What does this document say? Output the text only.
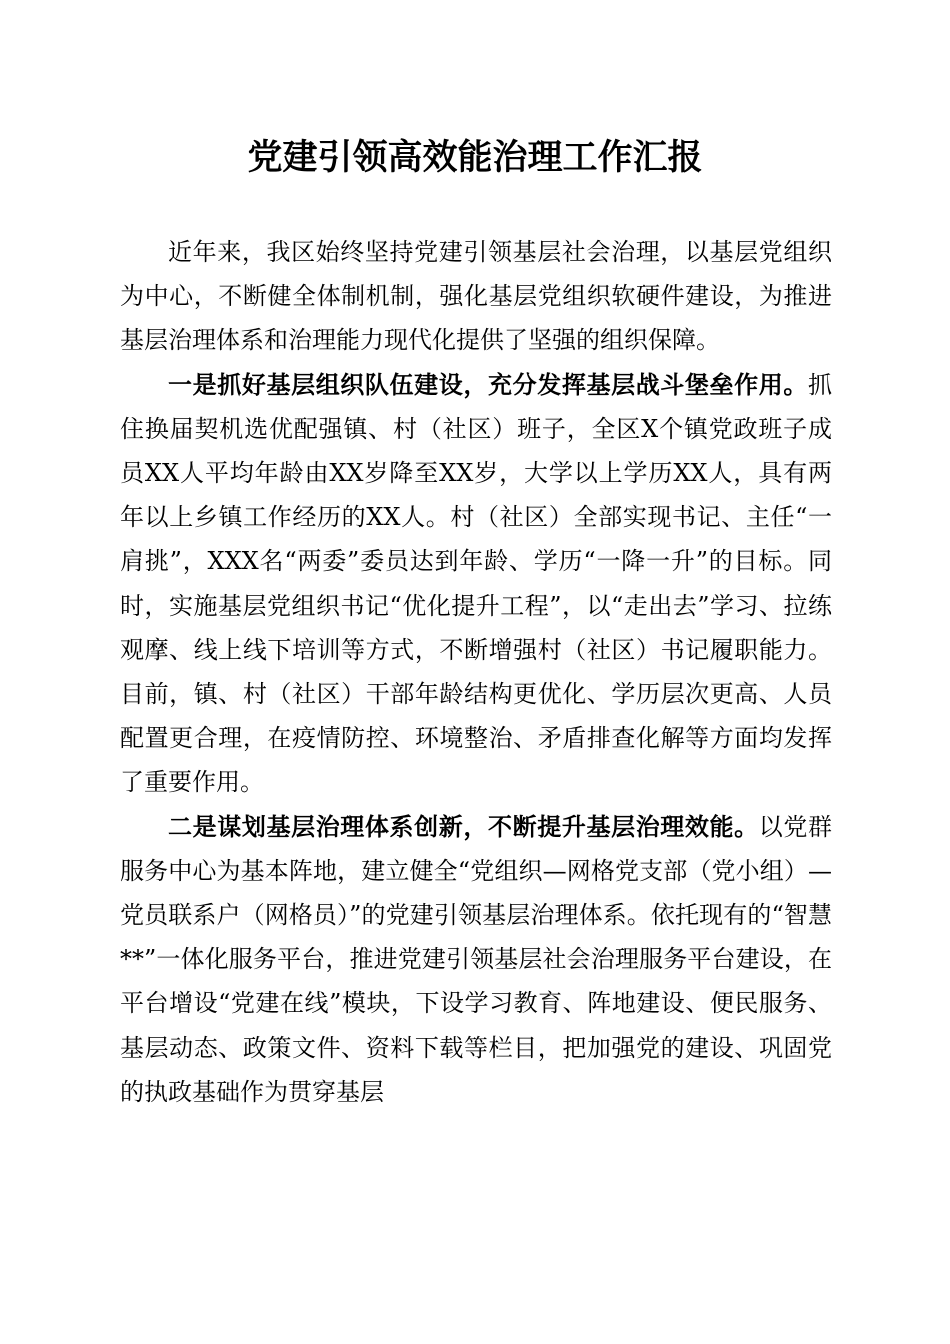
党建引领高效能治理工作汇报

近年来，我区始终坚持党建引领基层社会治理，以基层党组织为中心，不断健全体制机制，强化基层党组织软硬件建设，为推进基层治理体系和治理能力现代化提供了坚强的组织保障。

一是抓好基层组织队伍建设，充分发挥基层战斗堡垒作用。抓住换届契机选优配强镇、村（社区）班子，全区X个镇党政班子成员XX人平均年龄由XX岁降至XX岁，大学以上学历XX人，具有两年以上乡镇工作经历的XX人。村（社区）全部实现书记、主任“一肩挑”，XXX名“两委”委员达到年龄、学历“一降一升”的目标。同时，实施基层党组织书记“优化提升工程”，以“走出去”学习、拉练观摩、线上线下培训等方式，不断增强村（社区）书记履职能力。目前，镇、村（社区）干部年龄结构更优化、学历层次更高、人员配置更合理，在疫情防控、环境整治、矛盾排查化解等方面均发挥了重要作用。

二是谋划基层治理体系创新，不断提升基层治理效能。以党群服务中心为基本阵地，建立健全“党组织—网格党支部（党小组）—党员联系户（网格员）”的党建引领基层治理体系。依托现有的“智慧**”一体化服务平台，推进党建引领基层社会治理服务平台建设，在平台增设“党建在线”模块，下设学习教育、阵地建设、便民服务、基层动态、政策文件、资料下载等栏目，把加强党的建设、巩固党的执政基础作为贯穿基层
